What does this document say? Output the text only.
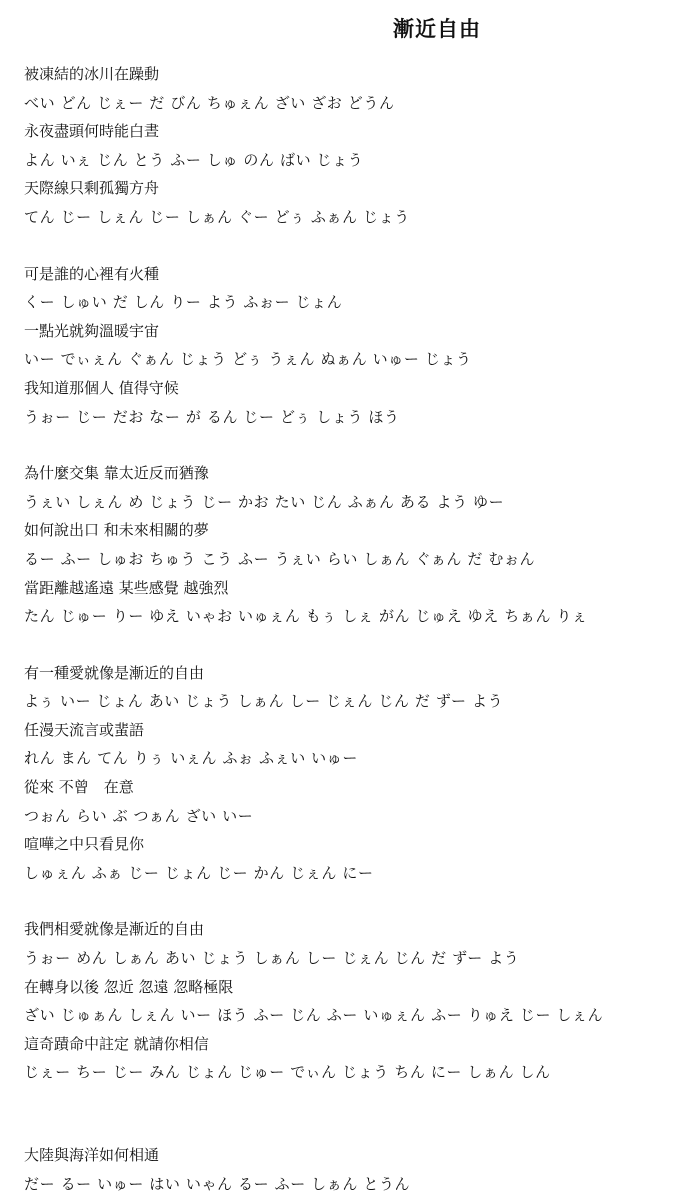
漸近自由
被凍結的冰川在躁動
べい どん じぇー だ びん ちゅぇん ざい ざお どうん
永夜盡頭何時能白晝
よん いぇ じん とう ふー しゅ のん ばい じょう
天際線只剩孤獨方舟
てん じー しぇん じー しぁん ぐー どぅ ふぁん じょう
可是誰的心裡有火種
くー しゅい だ しん りー よう ふぉー じょん
一點光就夠溫暖宇宙
いー でぃぇん ぐぁん じょう どぅ うぇん ぬぁん いゅー じょう
我知道那個人 值得守候
うぉー じー だお なー が るん じー どぅ しょう ほう
為什麼交集 靠太近反而猶豫
うぇい しぇん め じょう じー かお たい じん ふぁん ある よう ゆー
如何說出口 和未來相關的夢
るー ふー しゅお ちゅう こう ふー うぇい らい しぁん ぐぁん だ むぉん
當距離越遙遠 某些感覺 越強烈
たん じゅー りー ゆえ いゃお いゅぇん もぅ しぇ がん じゅえ ゆえ ちぁん りぇ
有一種愛就像是漸近的自由
よぅ いー じょん あい じょう しぁん しー じぇん じん だ ずー よう
任漫天流言或蜚語
れん まん てん りぅ いぇん ふぉ ふぇい いゅー
從來 不曾　在意
つぉん らい ぶ つぁん ざい いー
喧嘩之中只看見你
しゅぇん ふぁ じー じょん じー かん じぇん にー
我們相愛就像是漸近的自由
うぉー めん しぁん あい じょう しぁん しー じぇん じん だ ずー よう
在轉身以後 忽近 忽遠 忽略極限
ざい じゅぁん しぇん いー ほう ふー じん ふー いゅぇん ふー りゅえ じー しぇん
這奇蹟命中註定 就請你相信
じぇー ちー じー みん じょん じゅー でぃん じょう ちん にー しぁん しん
大陸與海洋如何相通
だー るー いゅー はい いゃん るー ふー しぁん とうん
